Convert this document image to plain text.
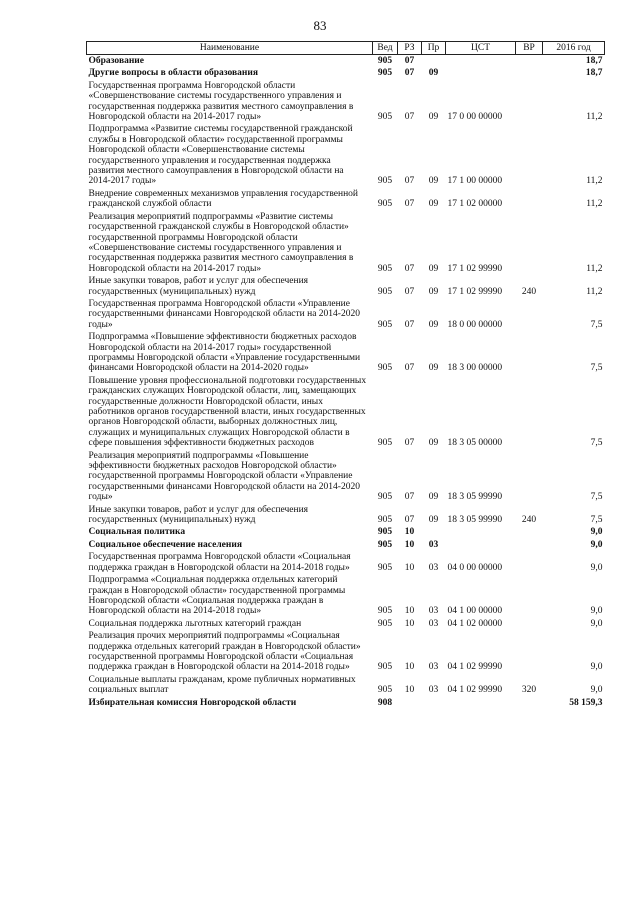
83
Наименование	Вед	РЗ	Пр	ЦСТ	ВР	2016 год
Образование	905	07				18,7
Другие вопросы в области образования	905	07	09			18,7
Государственная программа Новгородской области «Совершенствование системы государственного управления и государственная поддержка развития местного самоуправления в Новгородской области на 2014-2017 годы»	905	07	09	17 0 00 00000		11,2
Подпрограмма «Развитие системы государственной гражданской службы в Новгородской области» государственной программы Новгородской области «Совершенствование системы государственного управления и государственная поддержка развития местного самоуправления в Новгородской области на 2014-2017 годы»	905	07	09	17 1 00 00000		11,2
Внедрение современных механизмов управления государственной гражданской службой области	905	07	09	17 1 02 00000		11,2
Реализация мероприятий подпрограммы «Развитие системы государственной гражданской службы в Новгородской области» государственной программы Новгородской области «Совершенствование системы государственного управления и государственная поддержка развития местного самоуправления в Новгородской области на 2014-2017 годы»	905	07	09	17 1 02 99990		11,2
Иные закупки товаров, работ и услуг для обеспечения государственных (муниципальных) нужд	905	07	09	17 1 02 99990	240	11,2
Государственная программа Новгородской области «Управление государственными финансами Новгородской области на 2014-2020 годы»	905	07	09	18 0 00 00000		7,5
Подпрограмма «Повышение эффективности бюджетных расходов Новгородской области на 2014-2017 годы» государственной программы Новгородской области «Управление государственными финансами Новгородской области на 2014-2020 годы»	905	07	09	18 3 00 00000		7,5
Повышение уровня профессиональной подготовки государственных гражданских служащих Новгородской области, лиц, замещающих государственные должности Новгородской области, иных работников органов государственной власти, иных государственных органов Новгородской области, выборных должностных лиц, служащих и муниципальных служащих Новгородской области в сфере повышения эффективности бюджетных расходов	905	07	09	18 3 05 00000		7,5
Реализация мероприятий подпрограммы «Повышение эффективности бюджетных расходов Новгородской области» государственной программы Новгородской области «Управление государственными финансами Новгородской области на 2014-2020 годы»	905	07	09	18 3 05 99990		7,5
Иные закупки товаров, работ и услуг для обеспечения государственных (муниципальных) нужд	905	07	09	18 3 05 99990	240	7,5
Социальная политика	905	10				9,0
Социальное обеспечение населения	905	10	03			9,0
Государственная программа Новгородской области «Социальная поддержка граждан в Новгородской области на 2014-2018 годы»	905	10	03	04 0 00 00000		9,0
Подпрограмма «Социальная поддержка отдельных категорий граждан в Новгородской области» государственной программы Новгородской области «Социальная поддержка граждан в Новгородской области на 2014-2018 годы»	905	10	03	04 1 00 00000		9,0
Социальная поддержка льготных категорий граждан	905	10	03	04 1 02 00000		9,0
Реализация прочих мероприятий подпрограммы «Социальная поддержка отдельных категорий граждан в Новгородской области» государственной программы Новгородской области «Социальная поддержка граждан в Новгородской области на 2014-2018 годы»	905	10	03	04 1 02 99990		9,0
Социальные выплаты гражданам, кроме публичных нормативных социальных выплат	905	10	03	04 1 02 99990	320	9,0
Избирательная комиссия Новгородской области	908					58 159,3
